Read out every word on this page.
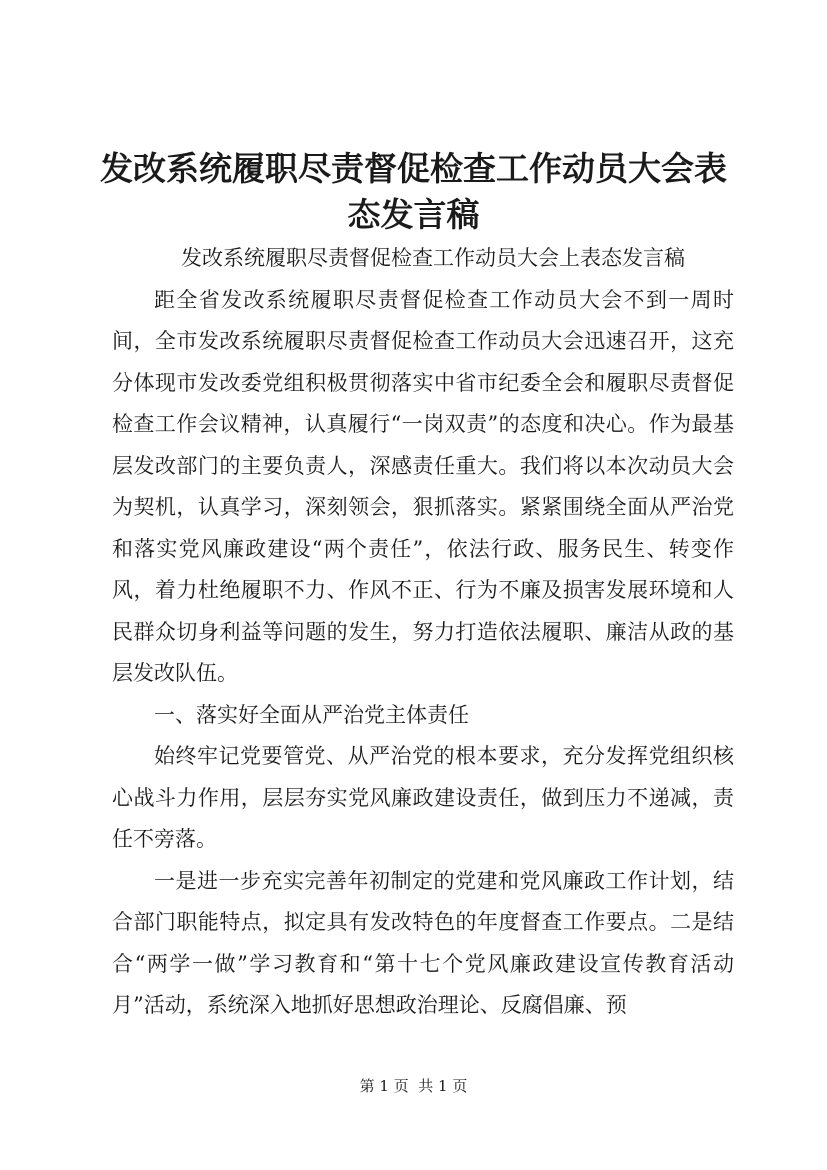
发改系统履职尽责督促检查工作动员大会表态发言稿

发改系统履职尽责督促检查工作动员大会上表态发言稿

距全省发改系统履职尽责督促检查工作动员大会不到一周时间，全市发改系统履职尽责督促检查工作动员大会迅速召开，这充分体现市发改委党组积极贯彻落实中省市纪委全会和履职尽责督促检查工作会议精神，认真履行“一岗双责”的态度和决心。作为最基层发改部门的主要负责人，深感责任重大。我们将以本次动员大会为契机，认真学习，深刻领会，狠抓落实。紧紧围绕全面从严治党和落实党风廉政建设“两个责任”，依法行政、服务民生、转变作风，着力杜绝履职不力、作风不正、行为不廉及损害发展环境和人民群众切身利益等问题的发生，努力打造依法履职、廉洁从政的基层发改队伍。

一、落实好全面从严治党主体责任

始终牢记党要管党、从严治党的根本要求，充分发挥党组织核心战斗力作用，层层夯实党风廉政建设责任，做到压力不递减，责任不旁落。

一是进一步充实完善年初制定的党建和党风廉政工作计划，结合部门职能特点，拟定具有发改特色的年度督查工作要点。二是结合“两学一做”学习教育和“第十七个党风廉政建设宣传教育活动月”活动，系统深入地抓好思想政治理论、反腐倡廉、预

第 1 页  共 1 页
